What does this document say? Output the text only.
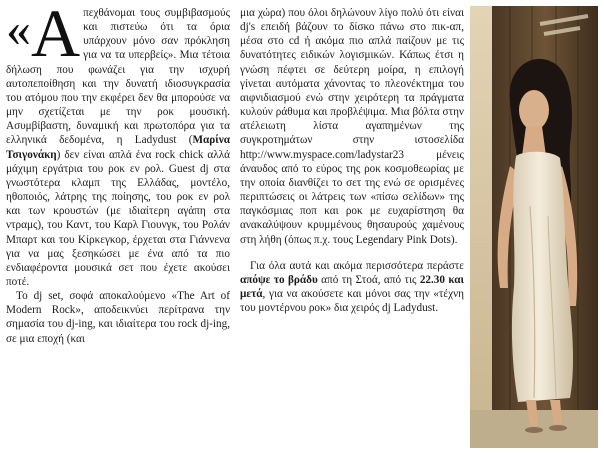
«Α πεχθάνομαι τους συμβιβασμούς και πιστεύω ότι τα όρια υπάρχουν μόνο σαν πρόκληση για να τα υπερβείς». Μια τέτοια δήλωση που φωνάζει για την ισχυρή αυτοπεποίθηση και την δυνατή ιδιοσυγκρασία του ατόμου που την εκφέρει δεν θα μπορούσε να μην σχετίζεται με την ροκ μουσική. Ασυμβίβαστη, δυναμική και πρωτοπόρα για τα ελληνικά δεδομένα, η Ladydust (Μαρίνα Τσιγονάκη) δεν είναι απλά ένα rock chick αλλά μάχιμη εργάτρια του ροκ εν ρολ. Guest dj στα γνωστότερα κλαμπ της Ελλάδας, μοντέλο, ηθοποιός, λάτρης της ποίησης, του ροκ εν ρολ και των κρουστών (με ιδιαίτερη αγάπη στα ντραμς), του Καντ, του Καρλ Γιουνγκ, του Ρολάν Μπαρτ και του Κίρκεγκορ, έρχεται στα Γιάννενα για να μας ξεσηκώσει με ένα από τα πιο ενδιαφέροντα μουσικά σετ που έχετε ακούσει ποτέ.

Το dj set, σοφά αποκαλούμενο «The Art of Modern Rock», αποδεικνύει περίτρανα την σημασία του dj-ing, και ιδιαίτερα του rock dj-ing, σε μια εποχή (και

μια χώρα) που όλοι δηλώνουν λίγο πολύ ότι είναι dj's επειδή βάζουν το δίσκο πάνω στο πικ-απ, μέσα στο cd ή ακόμα πιο απλά παίζουν με τις δυνατότητες ειδικών λογισμικών. Κάπως έτσι η γνώση πέφτει σε δεύτερη μοίρα, η επιλογή γίνεται αυτόματα χάνοντας το πλεονέκτημα του αιφνιδιασμού ενώ στην χειρότερη τα πράγματα κυλούν ράθυμα και προβλέψιμα. Μια βόλτα στην ατέλειωτη λίστα αγαπημένων της συγκροτημάτων στην ιστοσελίδα http://www.myspace.com/ladystar23 μένεις άναυδος από το εύρος της ροκ κοσμοθεωρίας με την οποία διανθίζει το σετ της ενώ σε ορισμένες περιπτώσεις οι λάτρεις των «πίσω σελίδων» της παγκόσμιας ποπ και ροκ με ευχαρίστηση θα ανακαλύψουν κρυμμένους θησαυρούς χαμένους στη λήθη (όπως π.χ. τους Legendary Pink Dots).

Για όλα αυτά και ακόμα περισσότερα περάστε απόψε το βράδυ από τη Στοά, από τις 22.30 και μετά, για να ακούσετε και μόνοι σας την «τέχνη του μοντέρνου ροκ» δια χειρός dj Ladydust.
